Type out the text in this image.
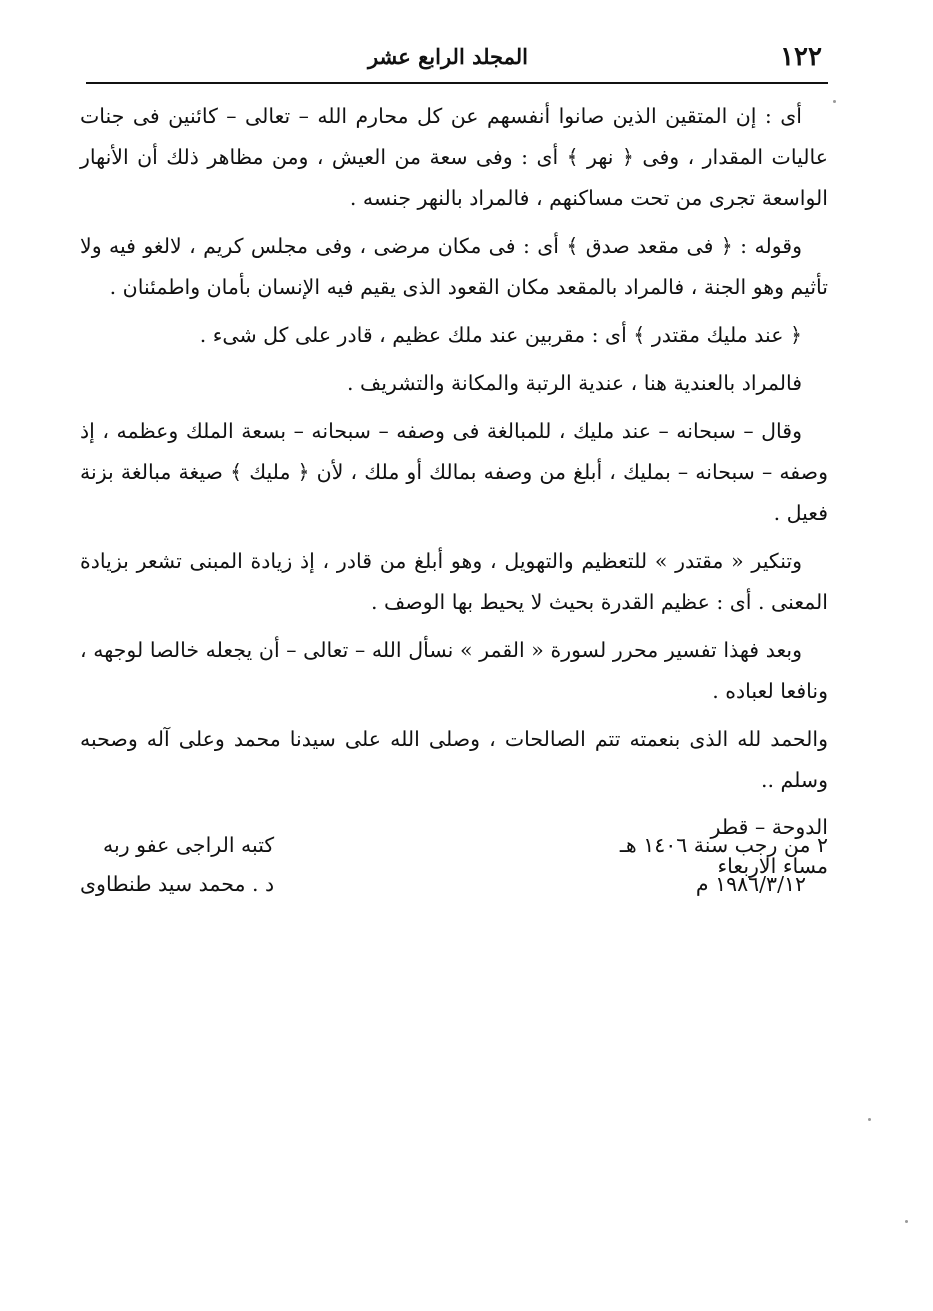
١٢٢
المجلد الرابع عشر

أى : إن المتقين الذين صانوا أنفسهم عن كل محارم الله – تعالى – كائنين فى جنات عاليات المقدار ، وفى ﴿ نهر ﴾ أى : وفى سعة من العيش ، ومن مظاهر ذلك أن الأنهار الواسعة تجرى من تحت مساكنهم ، فالمراد بالنهر جنسه .

وقوله : ﴿ فى مقعد صدق ﴾ أى : فى مكان مرضى ، وفى مجلس كريم ، لالغو فيه ولا تأثيم وهو الجنة ، فالمراد بالمقعد مكان القعود الذى يقيم فيه الإنسان بأمان واطمئنان .

﴿ عند مليك مقتدر ﴾ أى : مقربين عند ملك عظيم ، قادر على كل شىء .

فالمراد بالعندية هنا ، عندية الرتبة والمكانة والتشريف .

وقال – سبحانه – عند مليك ، للمبالغة فى وصفه – سبحانه – بسعة الملك وعظمه ، إذ وصفه – سبحانه – بمليك ، أبلغ من وصفه بمالك أو ملك ، لأن ﴿ مليك ﴾ صيغة مبالغة بزنة فعيل .

وتنكير « مقتدر » للتعظيم والتهويل ، وهو أبلغ من قادر ، إذ زيادة المبنى تشعر بزيادة المعنى . أى : عظيم القدرة بحيث لا يحيط بها الوصف .

وبعد فهذا تفسير محرر لسورة « القمر » نسأل الله – تعالى – أن يجعله خالصا لوجهه ، ونافعا لعباده .

والحمد لله الذى بنعمته تتم الصالحات ، وصلى الله على سيدنا محمد وعلى آله وصحبه وسلم ..

الدوحة – قطر

مساء الاربعاء

٢ من رجب سنة ١٤٠٦ هـ
١٩٨٦/٣/١٢ م
كتبه الراجى عفو ربه
د . محمد سيد طنطاوى
